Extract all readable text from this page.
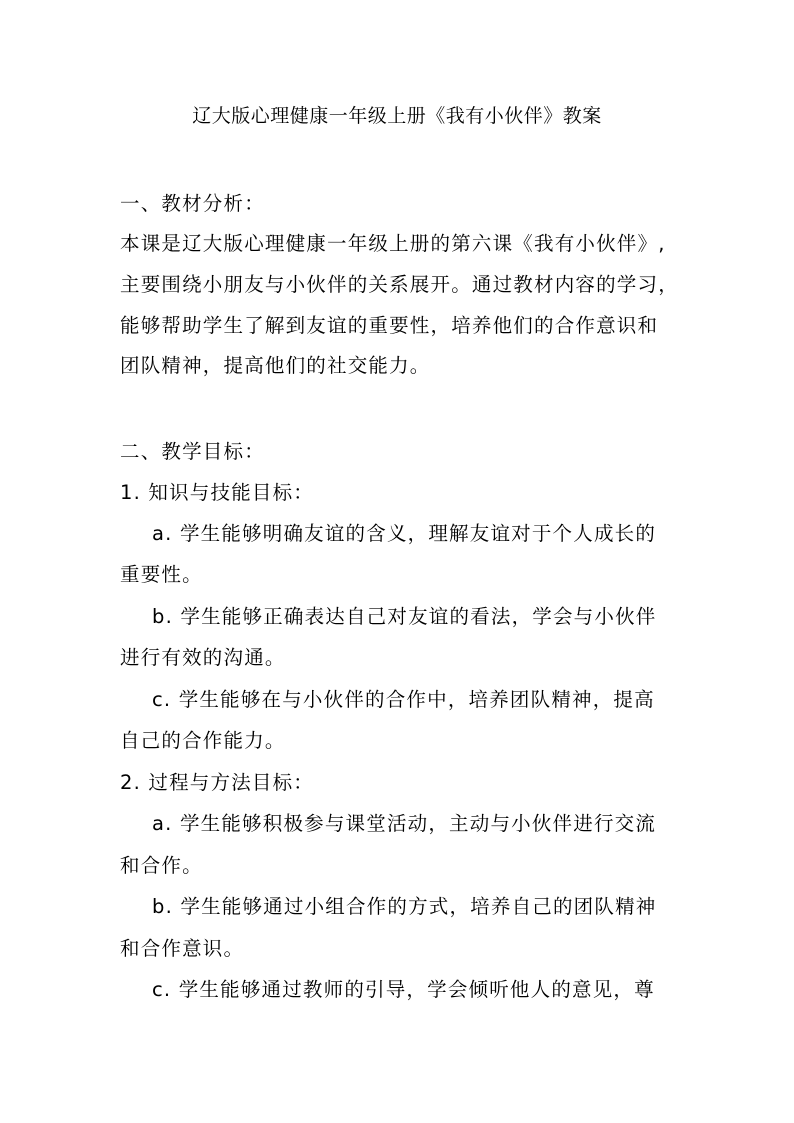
辽大版心理健康一年级上册《我有小伙伴》教案
一、教材分析：
本课是辽大版心理健康一年级上册的第六课《我有小伙伴》,
主要围绕小朋友与小伙伴的关系展开。通过教材内容的学习，
能够帮助学生了解到友谊的重要性，培养他们的合作意识和
团队精神，提高他们的社交能力。
二、教学目标：
1. 知识与技能目标：
a. 学生能够明确友谊的含义，理解友谊对于个人成长的
重要性。
b. 学生能够正确表达自己对友谊的看法，学会与小伙伴
进行有效的沟通。
c. 学生能够在与小伙伴的合作中，培养团队精神，提高
自己的合作能力。
2. 过程与方法目标：
a. 学生能够积极参与课堂活动，主动与小伙伴进行交流
和合作。
b. 学生能够通过小组合作的方式，培养自己的团队精神
和合作意识。
c. 学生能够通过教师的引导，学会倾听他人的意见，尊
